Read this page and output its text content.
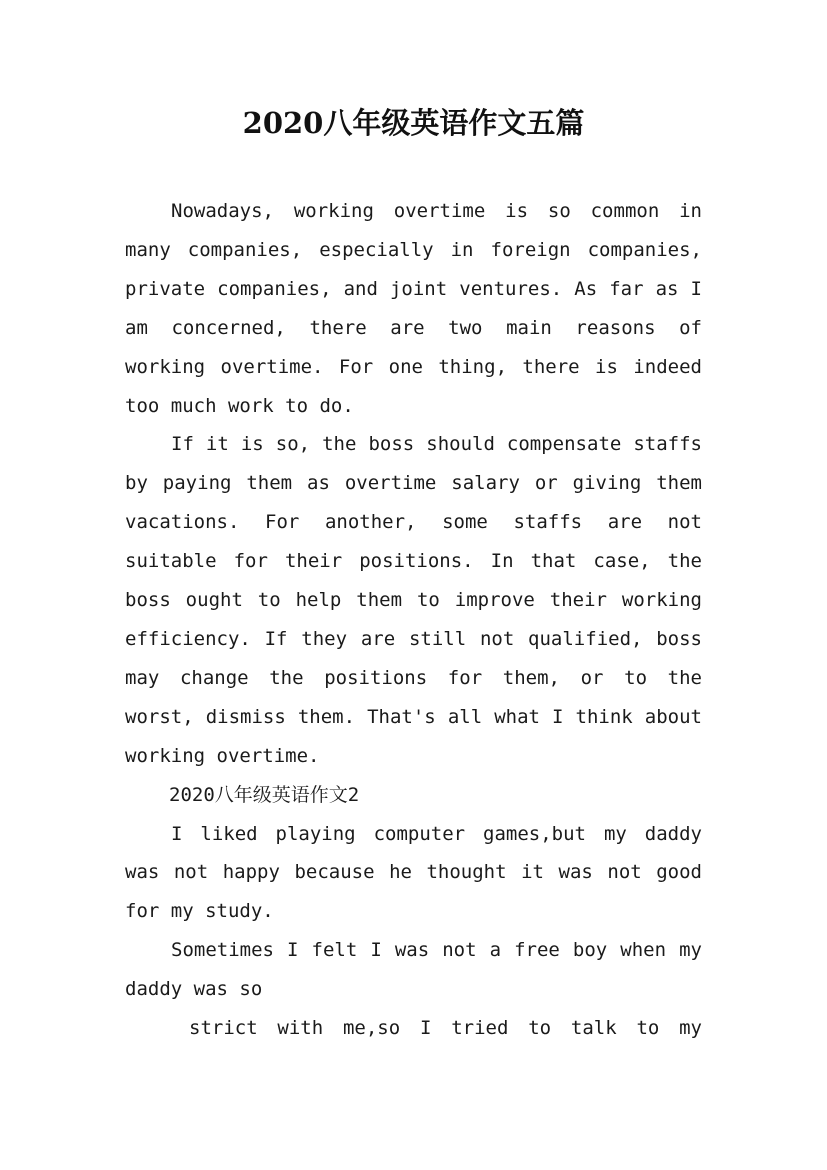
2020八年级英语作文五篇

Nowadays, working overtime is so common in many companies, especially in foreign companies, private companies, and joint ventures. As far as I am concerned, there are two main reasons of working overtime. For one thing, there is indeed too much work to do.

If it is so, the boss should compensate staffs by paying them as overtime salary or giving them vacations. For another, some staffs are not suitable for their positions. In that case, the boss ought to help them to improve their working efficiency. If they are still not qualified, boss may change the positions for them, or to the worst, dismiss them. That's all what I think about working overtime.

2020八年级英语作文2

I liked playing computer games,but my daddy was not happy because he thought it was not good for my study.

Sometimes I felt I was not a free boy when my daddy was so

strict with me,so I tried to talk to my
